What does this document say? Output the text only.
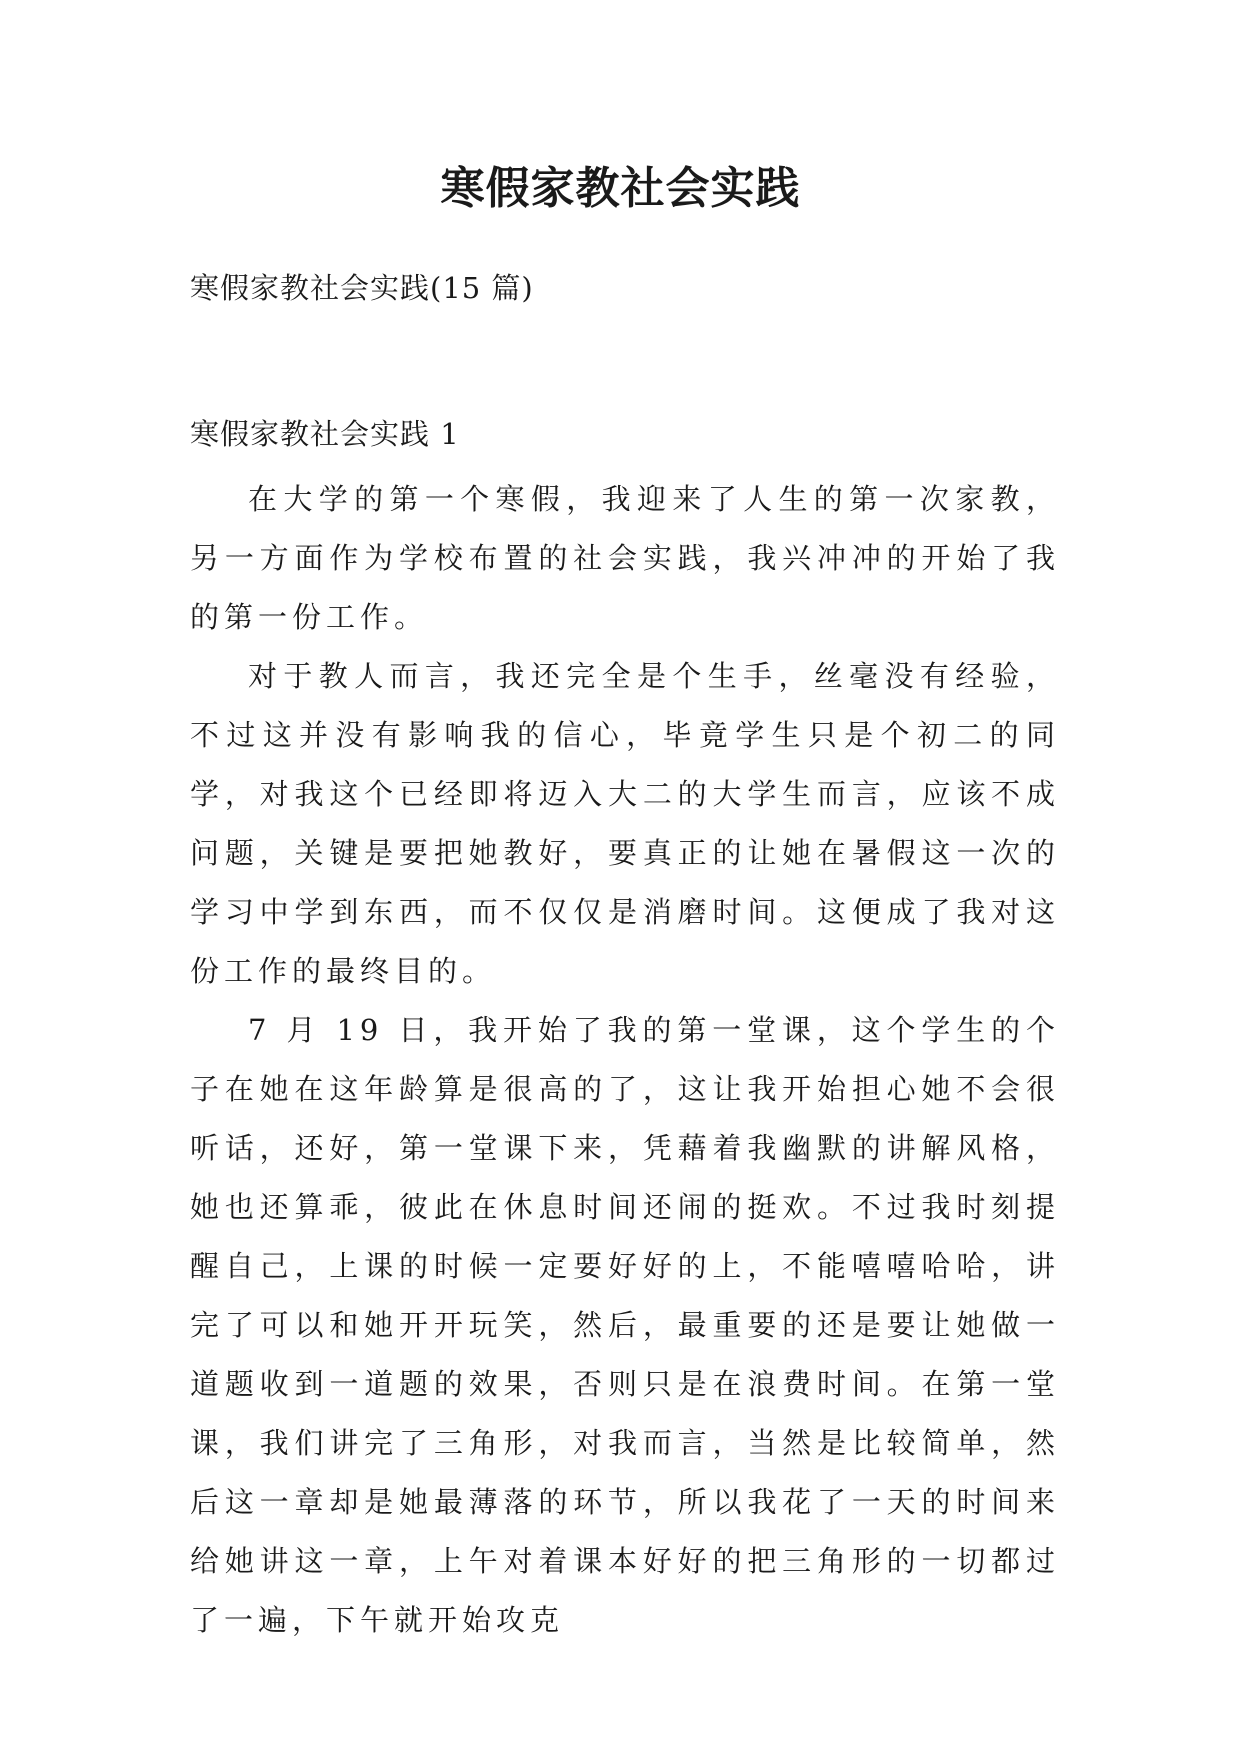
寒假家教社会实践

寒假家教社会实践(15 篇)

寒假家教社会实践 1

在大学的第一个寒假，我迎来了人生的第一次家教，另一方面作为学校布置的社会实践，我兴冲冲的开始了我的第一份工作。

对于教人而言，我还完全是个生手，丝毫没有经验，不过这并没有影响我的信心，毕竟学生只是个初二的同学，对我这个已经即将迈入大二的大学生而言，应该不成问题，关键是要把她教好，要真正的让她在暑假这一次的学习中学到东西，而不仅仅是消磨时间。这便成了我对这份工作的最终目的。

7 月 19 日，我开始了我的第一堂课，这个学生的个子在她在这年龄算是很高的了，这让我开始担心她不会很听话，还好，第一堂课下来，凭藉着我幽默的讲解风格，她也还算乖，彼此在休息时间还闹的挺欢。不过我时刻提醒自己，上课的时候一定要好好的上，不能嘻嘻哈哈，讲完了可以和她开开玩笑，然后，最重要的还是要让她做一道题收到一道题的效果，否则只是在浪费时间。在第一堂课，我们讲完了三角形，对我而言，当然是比较简单，然后这一章却是她最薄落的环节，所以我花了一天的时间来给她讲这一章，上午对着课本好好的把三角形的一切都过了一遍，下午就开始攻克
